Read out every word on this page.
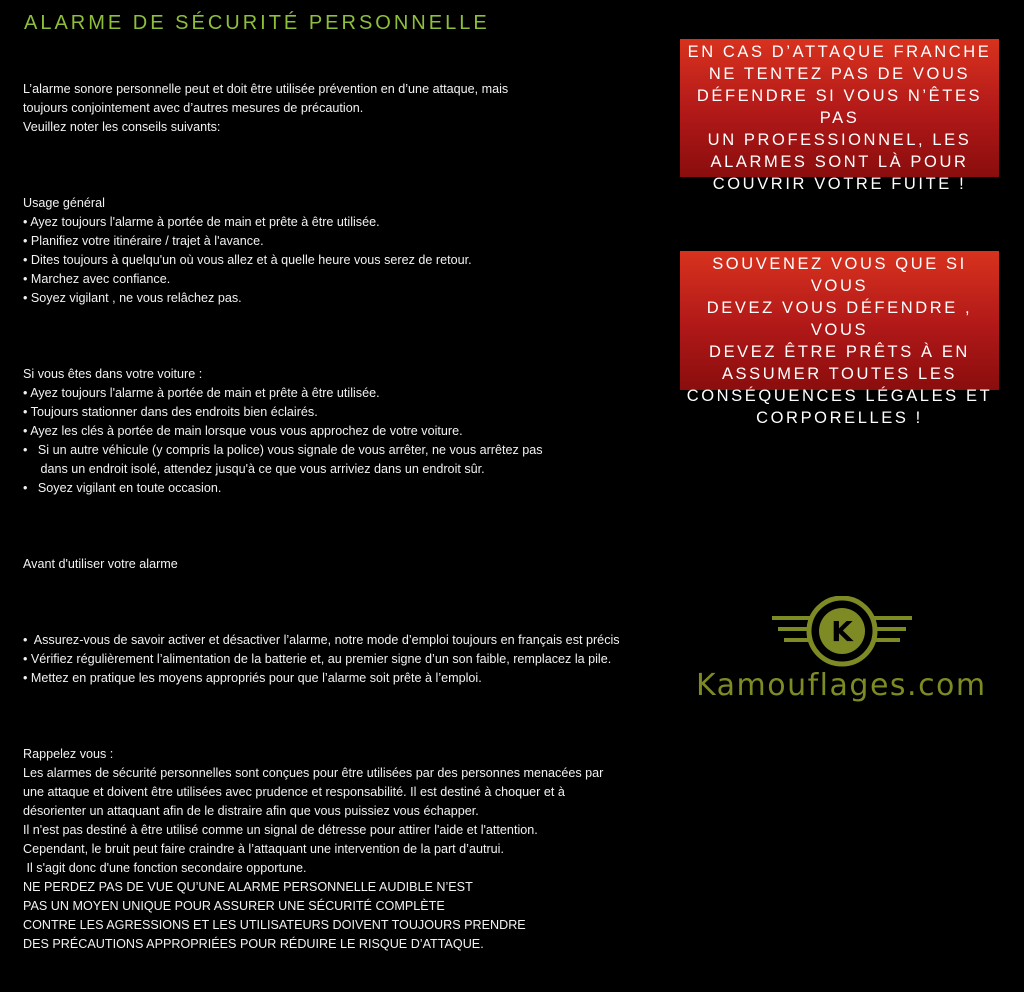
ALARME DE SÉCURITÉ PERSONNELLE

L’alarme sonore personnelle peut et doit être utilisée prévention en d’une attaque, mais
toujours conjointement avec d’autres mesures de précaution.
Veuillez noter les conseils suivants:

Usage général
• Ayez toujours l'alarme à portée de main et prête à être utilisée.
• Planifiez votre itinéraire / trajet à l'avance.
• Dites toujours à quelqu'un où vous allez et à quelle heure vous serez de retour.
• Marchez avec confiance.
• Soyez vigilant , ne vous relâchez pas.

Si vous êtes dans votre voiture :
• Ayez toujours l'alarme à portée de main et prête à être utilisée.
• Toujours stationner dans des endroits bien éclairés.
• Ayez les clés à portée de main lorsque vous vous approchez de votre voiture.
•   Si un autre véhicule (y compris la police) vous signale de vous arrêter, ne vous arrêtez pas
dans un endroit isolé, attendez jusqu'à ce que vous arriviez dans un endroit sûr.
•   Soyez vigilant en toute occasion.

Avant d'utiliser votre alarme

•  Assurez-vous de savoir activer et désactiver l’alarme, notre mode d’emploi toujours en français est précis
• Vérifiez régulièrement l’alimentation de la batterie et, au premier signe d’un son faible, remplacez la pile.
• Mettez en pratique les moyens appropriés pour que l’alarme soit prête à l’emploi.

Rappelez vous :
Les alarmes de sécurité personnelles sont conçues pour être utilisées par des personnes menacées par
une attaque et doivent être utilisées avec prudence et responsabilité. Il est destiné à choquer et à
désorienter un attaquant afin de le distraire afin que vous puissiez vous échapper.
Il n'est pas destiné à être utilisé comme un signal de détresse pour attirer l'aide et l'attention.
Cependant, le bruit peut faire craindre à l’attaquant une intervention de la part d’autrui.
Il s'agit donc d'une fonction secondaire opportune.
NE PERDEZ PAS DE VUE QU’UNE ALARME PERSONNELLE AUDIBLE N’EST
PAS UN MOYEN UNIQUE POUR ASSURER UNE SÉCURITÉ COMPLÈTE
CONTRE LES AGRESSIONS ET LES UTILISATEURS DOIVENT TOUJOURS PRENDRE
DES PRÉCAUTIONS APPROPRIÉES POUR RÉDUIRE LE RISQUE D’ATTAQUE.

EN CAS D’ATTAQUE FRANCHE
NE TENTEZ PAS DE VOUS
DÉFENDRE SI VOUS N’ÊTES PAS
UN PROFESSIONNEL, LES
ALARMES SONT LÀ POUR
COUVRIR VOTRE FUITE !
SOUVENEZ VOUS QUE SI VOUS
DEVEZ VOUS DÉFENDRE , VOUS
DEVEZ ÊTRE PRÊTS À EN
ASSUMER TOUTES LES
CONSÉQUENCES LÉGALES ET
CORPORELLES !
K
Kamouflages.com
